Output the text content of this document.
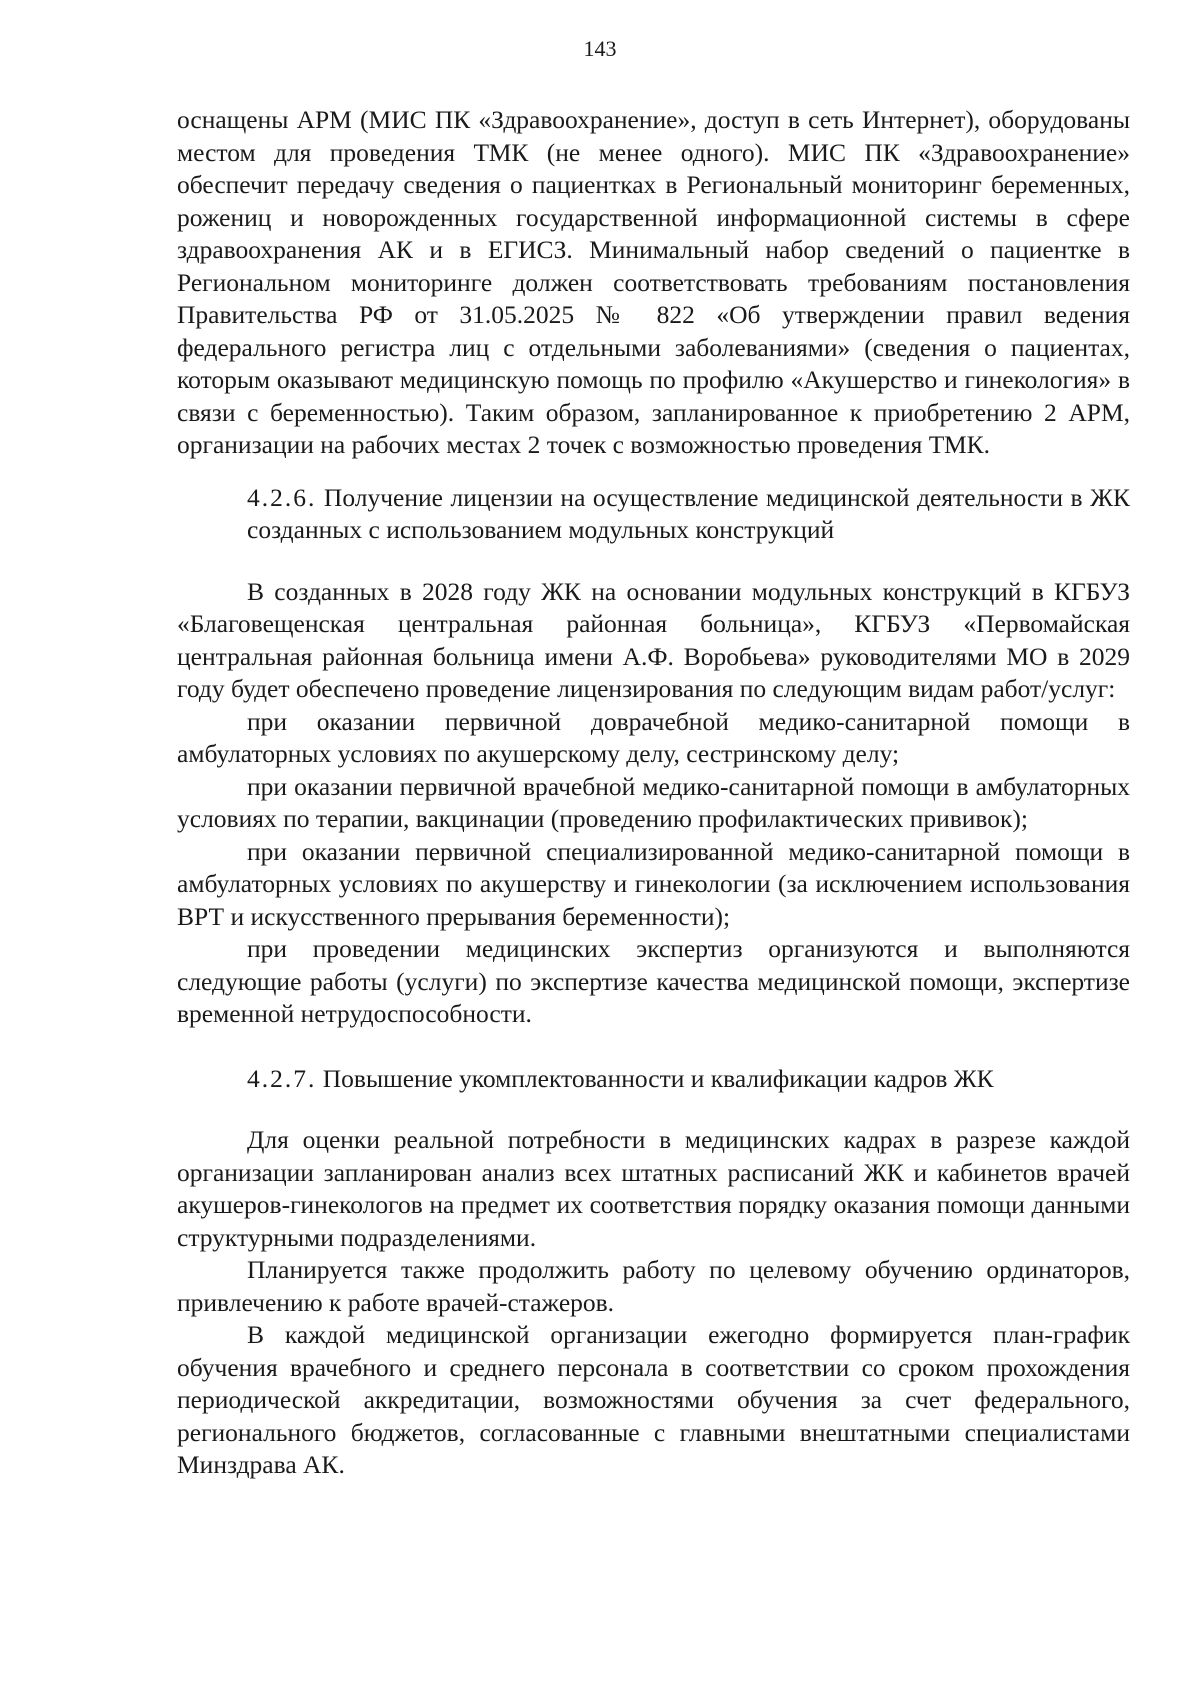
143

оснащены АРМ (МИС ПК «Здравоохранение», доступ в сеть Интернет), оборудованы местом для проведения ТМК (не менее одного). МИС ПК «Здравоохранение» обеспечит передачу сведения о пациентках в Региональный мониторинг беременных, рожениц и новорожденных государственной информационной системы в сфере здравоохранения АК и в ЕГИСЗ. Минимальный набор сведений о пациентке в Региональном мониторинге должен соответствовать требованиям постановления Правительства РФ от 31.05.2025 № 822 «Об утверждении правил ведения федерального регистра лиц с отдельными заболеваниями» (сведения о пациентах, которым оказывают медицинскую помощь по профилю «Акушерство и гинекология» в связи с беременностью). Таким образом, запланированное к приобретению 2 АРМ, организации на рабочих местах 2 точек с возможностью проведения ТМК.

4.2.6. Получение лицензии на осуществление медицинской деятельности в ЖК созданных с использованием модульных конструкций

В созданных в 2028 году ЖК на основании модульных конструкций в КГБУЗ «Благовещенская центральная районная больница», КГБУЗ «Первомайская центральная районная больница имени А.Ф. Воробьева» руководителями МО в 2029 году будет обеспечено проведение лицензирования по следующим видам работ/услуг:

при оказании первичной доврачебной медико-санитарной помощи в амбулаторных условиях по акушерскому делу, сестринскому делу;

при оказании первичной врачебной медико-санитарной помощи в амбулаторных условиях по терапии, вакцинации (проведению профилактических прививок);

при оказании первичной специализированной медико-санитарной помощи в амбулаторных условиях по акушерству и гинекологии (за исключением использования ВРТ и искусственного прерывания беременности);

при проведении медицинских экспертиз организуются и выполняются следующие работы (услуги) по экспертизе качества медицинской помощи, экспертизе временной нетрудоспособности.

4.2.7. Повышение укомплектованности и квалификации кадров ЖК

Для оценки реальной потребности в медицинских кадрах в разрезе каждой организации запланирован анализ всех штатных расписаний ЖК и кабинетов врачей акушеров-гинекологов на предмет их соответствия порядку оказания помощи данными структурными подразделениями.

Планируется также продолжить работу по целевому обучению ординаторов, привлечению к работе врачей-стажеров.

В каждой медицинской организации ежегодно формируется план-график обучения врачебного и среднего персонала в соответствии со сроком прохождения периодической аккредитации, возможностями обучения за счет федерального, регионального бюджетов, согласованные с главными внештатными специалистами Минздрава АК.
